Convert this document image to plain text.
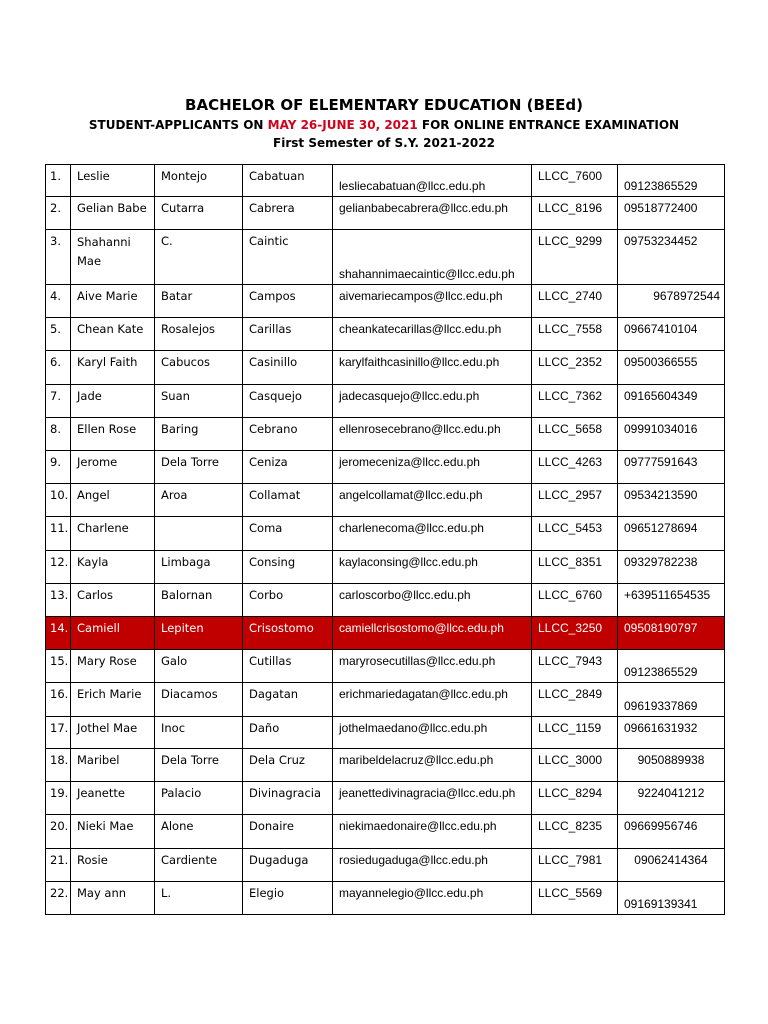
BACHELOR OF ELEMENTARY EDUCATION (BEEd)
STUDENT-APPLICANTS ON MAY 26-JUNE 30, 2021 FOR ONLINE ENTRANCE EXAMINATION
First Semester of S.Y. 2021-2022
1.	Leslie	Montejo	Cabatuan	lesliecabatuan@llcc.edu.ph	LLCC_7600	09123865529
2.	Gelian Babe	Cutarra	Cabrera	gelianbabecabrera@llcc.edu.ph	LLCC_8196	09518772400
3.	Shahanni Mae	C.	Caintic	shahannimaecaintic@llcc.edu.ph	LLCC_9299	09753234452
4.	Aive Marie	Batar	Campos	aivemariecampos@llcc.edu.ph	LLCC_2740	9678972544
5.	Chean Kate	Rosalejos	Carillas	cheankatecarillas@llcc.edu.ph	LLCC_7558	09667410104
6.	Karyl Faith	Cabucos	Casinillo	karylfaithcasinillo@llcc.edu.ph	LLCC_2352	09500366555
7.	Jade	Suan	Casquejo	jadecasquejo@llcc.edu.ph	LLCC_7362	09165604349
8.	Ellen Rose	Baring	Cebrano	ellenrosecebrano@llcc.edu.ph	LLCC_5658	09991034016
9.	Jerome	Dela Torre	Ceniza	jeromeceniza@llcc.edu.ph	LLCC_4263	09777591643
10.	Angel	Aroa	Collamat	angelcollamat@llcc.edu.ph	LLCC_2957	09534213590
11.	Charlene		Coma	charlenecoma@llcc.edu.ph	LLCC_5453	09651278694
12.	Kayla	Limbaga	Consing	kaylaconsing@llcc.edu.ph	LLCC_8351	09329782238
13.	Carlos	Balornan	Corbo	carloscorbo@llcc.edu.ph	LLCC_6760	+639511654535
14.	Camiell	Lepiten	Crisostomo	camiellcrisostomo@llcc.edu.ph	LLCC_3250	09508190797
15.	Mary Rose	Galo	Cutillas	maryrosecutillas@llcc.edu.ph	LLCC_7943	09123865529
16.	Erich Marie	Diacamos	Dagatan	erichmariedagatan@llcc.edu.ph	LLCC_2849	09619337869
17.	Jothel Mae	Inoc	Daño	jothelmaedano@llcc.edu.ph	LLCC_1159	09661631932
18.	Maribel	Dela Torre	Dela Cruz	maribeldelacruz@llcc.edu.ph	LLCC_3000	9050889938
19.	Jeanette	Palacio	Divinagracia	jeanettedivinagracia@llcc.edu.ph	LLCC_8294	9224041212
20.	Nieki Mae	Alone	Donaire	niekimaedonaire@llcc.edu.ph	LLCC_8235	09669956746
21.	Rosie	Cardiente	Dugaduga	rosiedugaduga@llcc.edu.ph	LLCC_7981	09062414364
22.	May ann	L.	Elegio	mayannelegio@llcc.edu.ph	LLCC_5569	09169139341
